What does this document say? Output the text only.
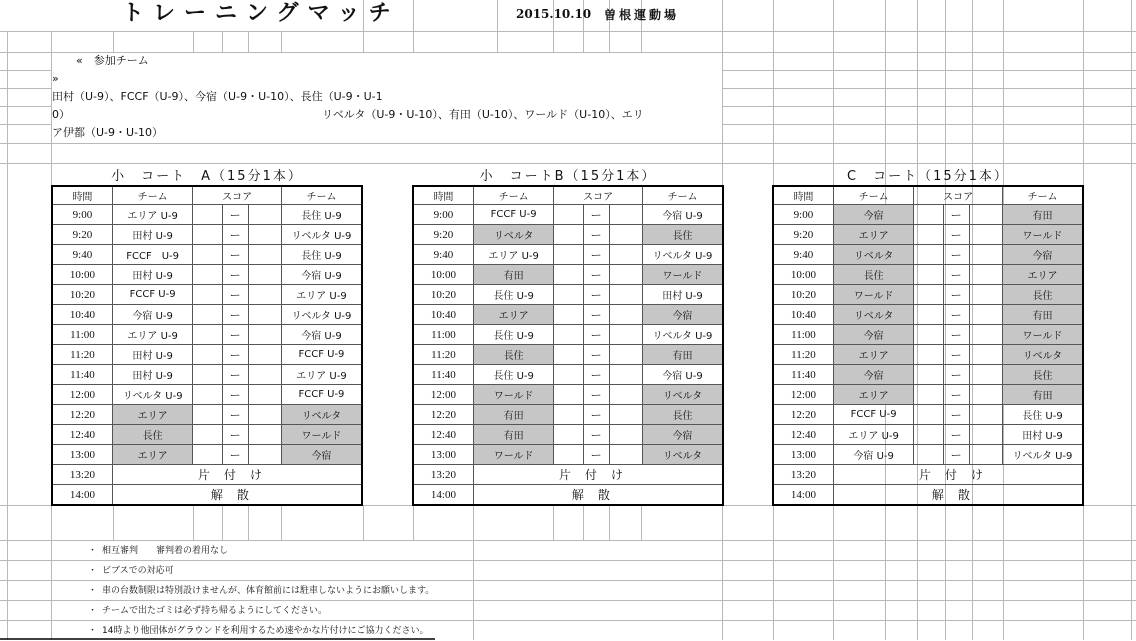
トレーニングマッチ	2015.10.10 曽根運動場
«　参加チーム
»
田村（U-9）、FCCF（U-9）、今宿（U-9・U-10）、長住（U-9・U-1
0）	リベルタ（U-9・U-10）、有田（U-10）、ワールド（U-10）、エリ
ア伊都（U-9・U-10）
小　コート　A（15分1本）	小　コートB（15分1本）	C　コート（15分1本）
時間	チーム	スコア			チーム
9:00	エリア U-9		ー		長住 U-9
9:20	田村 U-9		ー		リベルタ U-9
9:40	FCCF　U-9		ー		長住 U-9
10:00	田村 U-9		ー		今宿 U-9
10:20	FCCF U-9		ー		エリア U-9
10:40	今宿 U-9		ー		リベルタ U-9
11:00	エリア U-9		ー		今宿 U-9
11:20	田村 U-9		ー		FCCF U-9
11:40	田村 U-9		ー		エリア U-9
12:00	リベルタ U-9		ー		FCCF U-9
12:20	エリア		ー		リベルタ
12:40	長住		ー		ワールド
13:00	エリア		ー		今宿
13:20	片付け				
14:00	解散				
時間	チーム	スコア			チーム
9:00	FCCF U-9		ー		今宿 U-9
9:20	リベルタ		ー		長住
9:40	エリア U-9		ー		リベルタ U-9
10:00	有田		ー		ワールド
10:20	長住 U-9		ー		田村 U-9
10:40	エリア		ー		今宿
11:00	長住 U-9		ー		リベルタ U-9
11:20	長住		ー		有田
11:40	長住 U-9		ー		今宿 U-9
12:00	ワールド		ー		リベルタ
12:20	有田		ー		長住
12:40	有田		ー		今宿
13:00	ワールド		ー		リベルタ
13:20	片付け				
14:00	解散				
時間	チーム	スコア			チーム
9:00	今宿		ー		有田
9:20	エリア		ー		ワールド
9:40	リベルタ		ー		今宿
10:00	長住		ー		エリア
10:20	ワールド		ー		長住
10:40	リベルタ		ー		有田
11:00	今宿		ー		ワールド
11:20	エリア		ー		リベルタ
11:40	今宿		ー		長住
12:00	エリア		ー		有田
12:20	FCCF U-9		ー		長住 U-9
12:40	エリア U-9		ー		田村 U-9
13:00	今宿 U-9		ー		リベルタ U-9
13:20	片付け				
14:00	解散				
・ 相互審判　　審判着の着用なし
・ ビブスでの対応可
・ 車の台数制限は特別設けませんが、体育館前には駐車しないようにお願いします。
・ チームで出たゴミは必ず持ち帰るようにしてください。
・ 14時より他団体がグラウンドを利用するため速やかな片付けにご協力ください。
